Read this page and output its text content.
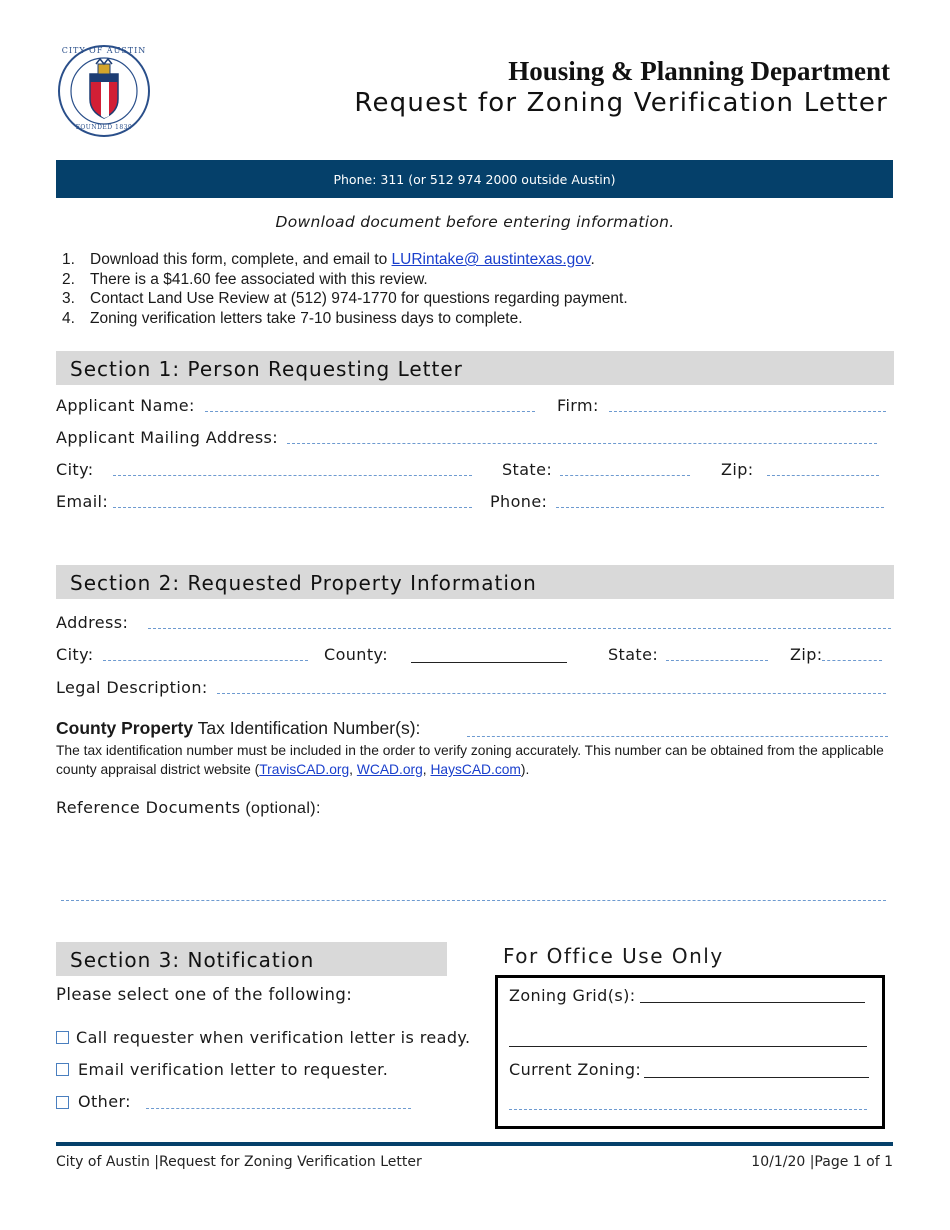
CITY OF AUSTIN
FOUNDED 1839
Housing & Planning Department
Request for Zoning Verification Letter
Phone: 311 (or 512 974 2000 outside Austin)
Download document before entering information.
1. Download this form, complete, and email to LURintake@ austintexas.gov.
2. There is a $41.60 fee associated with this review.
3. Contact Land Use Review at (512) 974-1770 for questions regarding payment.
4. Zoning verification letters take 7-10 business days to complete.
Section 1: Person Requesting Letter
Applicant Name:	Firm:
Applicant Mailing Address:
City:	State:	Zip:
Email:	Phone:
Section 2: Requested Property Information
Address:
City:	County:	State:	Zip:
Legal Description:
County Property Tax Identification Number(s):
The tax identification number must be included in the order to verify zoning accurately. This number can be obtained from the applicable county appraisal district website (TravisCAD.org, WCAD.org, HaysCAD.com).
Reference Documents (optional):
Section 3: Notification
Please select one of the following:
Call requester when verification letter is ready.
Email verification letter to requester.
Other:
For Office Use Only
Zoning Grid(s):
Current Zoning:
City of Austin |Request for Zoning Verification Letter	10/1/20 |Page 1 of 1
